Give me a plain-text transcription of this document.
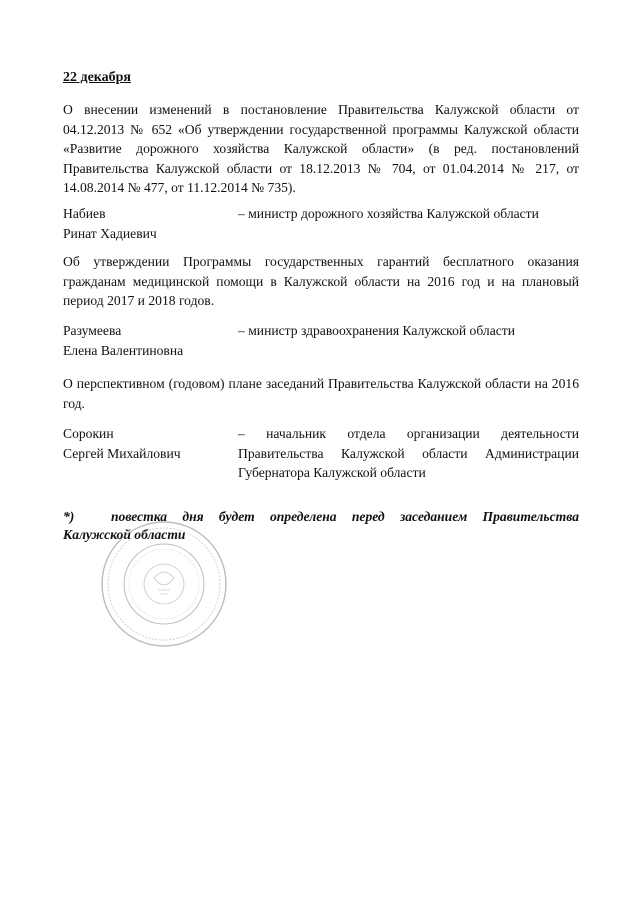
22 декабря
О внесении изменений в постановление Правительства Калужской области от 04.12.2013 № 652 «Об утверждении государственной программы Калужской области «Развитие дорожного хозяйства Калужской области» (в ред. постановлений Правительства Калужской области от 18.12.2013 № 704, от 01.04.2014 № 217, от 14.08.2014 № 477, от 11.12.2014 № 735).
Набиев
Ринат Хадиевич
– министр дорожного хозяйства Калужской области
Об утверждении Программы государственных гарантий бесплатного оказания гражданам медицинской помощи в Калужской области на 2016 год и на плановый период 2017 и 2018 годов.
Разумеева
Елена Валентиновна
– министр здравоохранения Калужской области
О перспективном (годовом) плане заседаний Правительства Калужской области на 2016 год.
Сорокин
Сергей Михайлович
– начальник отдела организации деятельности
Правительства Калужской области Администрации
Губернатора Калужской области
*)	повестка дня будет определена перед заседанием Правительства
Калужской области
